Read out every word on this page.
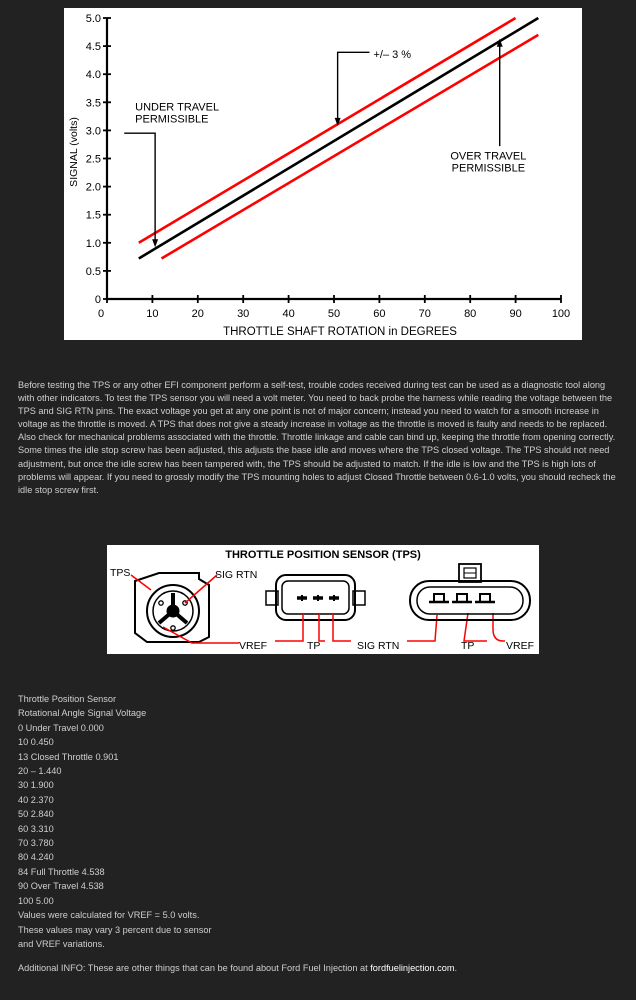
0
0.5
1.0
1.5
2.0
2.5
3.0
3.5
4.0
4.5
5.0
0	10	20	30	40	50	60	70	80	90	100
UNDER TRAVEL PERMISSIBLE
+/– 3 %
OVER TRAVEL PERMISSIBLE
THROTTLE SHAFT ROTATION in DEGREES
SIGNAL (volts)

Before testing the TPS or any other EFI component perform a self-test, trouble codes received during test can be used as a diagnostic tool along with other indicators. To test the TPS sensor you will need a volt meter. You need to back probe the harness while reading the voltage between the TPS and SIG RTN pins. The exact voltage you get at any one point is not of major concern; instead you need to watch for a smooth increase in voltage as the throttle is moved. A TPS that does not give a steady increase in voltage as the throttle is moved is faulty and needs to be replaced. Also check for mechanical problems associated with the throttle. Throttle linkage and cable can bind up, keeping the throttle from opening correctly. Some times the idle stop screw has been adjusted, this adjusts the base idle and moves where the TPS closed voltage. The TPS should not need adjustment, but once the idle screw has been tampered with, the TPS should be adjusted to match. If the idle is low and the TPS is high lots of problems will appear. If you need to grossly modify the TPS mounting holes to adjust Closed Throttle between 0.6-1.0 volts, you should recheck the idle stop screw first.

THROTTLE POSITION SENSOR (TPS)
TPS	SIG RTN
VREF	TP	SIG RTN	TP	VREF
Throttle Position Sensor
Rotational Angle Signal Voltage
0 Under Travel 0.000
10 0.450
13 Closed Throttle 0.901
20 – 1.440
30 1.900
40 2.370
50 2.840
60 3.310
70 3.780
80 4.240
84 Full Throttle 4.538
90 Over Travel 4.538
100 5.00
Values were calculated for VREF = 5.0 volts.
These values may vary 3 percent due to sensor
and VREF variations.
Additional INFO: These are other things that can be found about Ford Fuel Injection at fordfuelinjection.com.
